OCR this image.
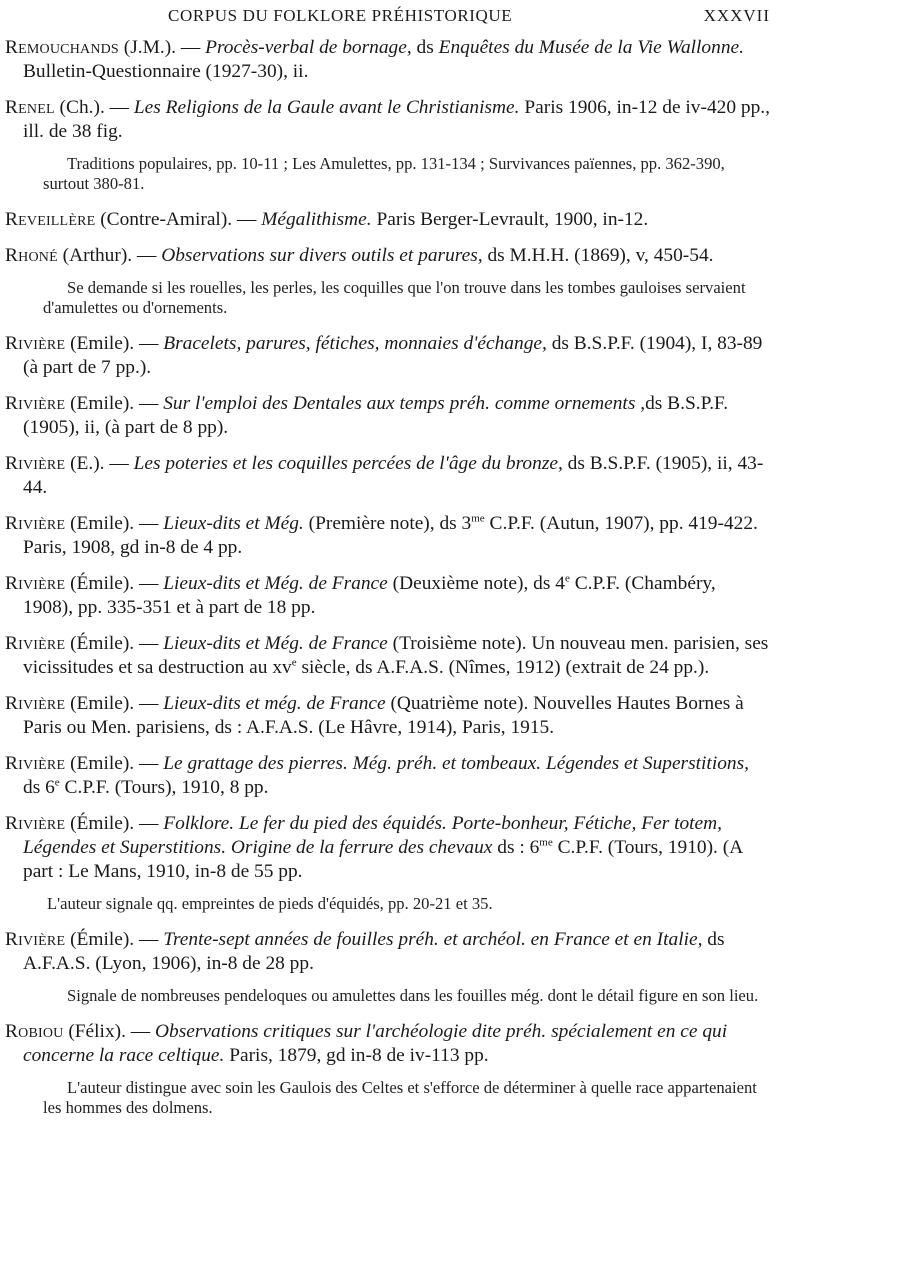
CORPUS DU FOLKLORE PRÉHISTORIQUE	XXXVII

Remouchands (J.M.). — Procès-verbal de bornage, ds Enquêtes du Musée de la Vie Wallonne. Bulletin-Questionnaire (1927-30), ii.

Renel (Ch.). — Les Religions de la Gaule avant le Christianisme. Paris 1906, in-12 de iv-420 pp., ill. de 38 fig.

Traditions populaires, pp. 10-11 ; Les Amulettes, pp. 131-134 ; Survivances païennes, pp. 362-390, surtout 380-81.

Reveillère (Contre-Amiral). — Mégalithisme. Paris Berger-Levrault, 1900, in-12.

Rhoné (Arthur). — Observations sur divers outils et parures, ds M.H.H. (1869), v, 450-54.

Se demande si les rouelles, les perles, les coquilles que l'on trouve dans les tombes gauloises servaient d'amulettes ou d'ornements.

Rivière (Emile). — Bracelets, parures, fétiches, monnaies d'échange, ds B.S.P.F. (1904), I, 83-89 (à part de 7 pp.).

Rivière (Emile). — Sur l'emploi des Dentales aux temps préh. comme ornements ,ds B.S.P.F. (1905), ii, (à part de 8 pp).

Rivière (E.). — Les poteries et les coquilles percées de l'âge du bronze, ds B.S.P.F. (1905), ii, 43-44.

Rivière (Emile). — Lieux-dits et Még. (Première note), ds $3^{me}$ C.P.F. (Autun, 1907), pp. 419-422. Paris, 1908, gd in-8 de 4 pp.

Rivière (Émile). — Lieux-dits et Még. de France (Deuxième note), ds 4e C.P.F. (Chambéry, 1908), pp. 335-351 et à part de 18 pp.

Rivière (Émile). — Lieux-dits et Még. de France (Troisième note). Un nouveau men. parisien, ses vicissitudes et sa destruction au $xv^e$ siècle, ds A.F.A.S. (Nîmes, 1912) (extrait de 24 pp.).

Rivière (Emile). — Lieux-dits et még. de France (Quatrième note). Nouvelles Hautes Bornes à Paris ou Men. parisiens, ds : A.F.A.S. (Le Hâvre, 1914), Paris, 1915.

Rivière (Emile). — Le grattage des pierres. Még. préh. et tombeaux. Légendes et Superstitions, ds 6e C.P.F. (Tours), 1910, 8 pp.

Rivière (Émile). — Folklore. Le fer du pied des équidés. Porte-bonheur, Fétiche, Fer totem, Légendes et Superstitions. Origine de la ferrure des chevaux ds : $6^{me}$ C.P.F. (Tours, 1910). (A part : Le Mans, 1910, in-8 de 55 pp.

L'auteur signale qq. empreintes de pieds d'équidés, pp. 20-21 et 35.

Rivière (Émile). — Trente-sept années de fouilles préh. et archéol. en France et en Italie, ds A.F.A.S. (Lyon, 1906), in-8 de 28 pp.

Signale de nombreuses pendeloques ou amulettes dans les fouilles még. dont le détail figure en son lieu.

Robiou (Félix). — Observations critiques sur l'archéologie dite préh. spécialement en ce qui concerne la race celtique. Paris, 1879, gd in-8 de iv-113 pp.

L'auteur distingue avec soin les Gaulois des Celtes et s'efforce de déterminer à quelle race appartenaient les hommes des dolmens.
